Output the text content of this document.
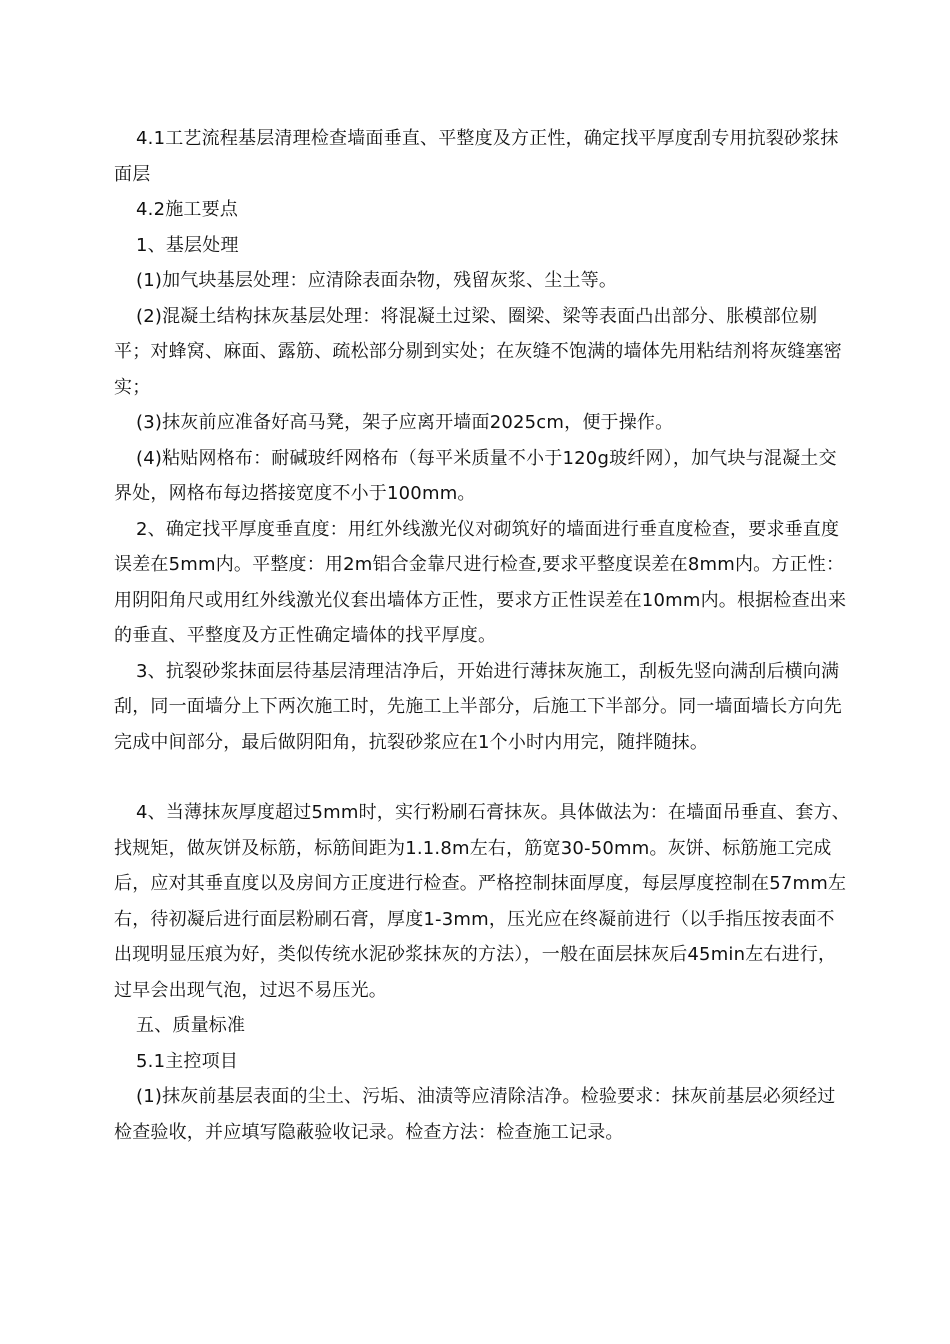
4.1工艺流程基层清理检查墙面垂直、平整度及方正性，确定找平厚度刮专用抗裂砂浆抹面层

4.2施工要点

1、基层处理

(1)加气块基层处理：应清除表面杂物，残留灰浆、尘土等。

(2)混凝土结构抹灰基层处理：将混凝土过梁、圈梁、梁等表面凸出部分、胀模部位剔平；对蜂窝、麻面、露筋、疏松部分剔到实处；在灰缝不饱满的墙体先用粘结剂将灰缝塞密实；

(3)抹灰前应准备好高马凳，架子应离开墙面2025cm，便于操作。

(4)粘贴网格布：耐碱玻纤网格布（每平米质量不小于120g玻纤网），加气块与混凝土交界处，网格布每边搭接宽度不小于100mm。

2、确定找平厚度垂直度：用红外线激光仪对砌筑好的墙面进行垂直度检查，要求垂直度误差在5mm内。平整度：用2m铝合金靠尺进行检查,要求平整度误差在8mm内。方正性：用阴阳角尺或用红外线激光仪套出墙体方正性，要求方正性误差在10mm内。根据检查出来的垂直、平整度及方正性确定墙体的找平厚度。

3、抗裂砂浆抹面层待基层清理洁净后，开始进行薄抹灰施工，刮板先竖向满刮后横向满刮，同一面墙分上下两次施工时，先施工上半部分，后施工下半部分。同一墙面墙长方向先完成中间部分，最后做阴阳角，抗裂砂浆应在1个小时内用完，随拌随抹。

4、当薄抹灰厚度超过5mm时，实行粉刷石膏抹灰。具体做法为：在墙面吊垂直、套方、找规矩，做灰饼及标筋，标筋间距为1.1.8m左右，筋宽30-50mm。灰饼、标筋施工完成后，应对其垂直度以及房间方正度进行检查。严格控制抹面厚度，每层厚度控制在57mm左右，待初凝后进行面层粉刷石膏，厚度1-3mm，压光应在终凝前进行（以手指压按表面不出现明显压痕为好，类似传统水泥砂浆抹灰的方法），一般在面层抹灰后45min左右进行，过早会出现气泡，过迟不易压光。

五、质量标准

5.1主控项目

(1)抹灰前基层表面的尘土、污垢、油渍等应清除洁净。检验要求：抹灰前基层必须经过检查验收，并应填写隐蔽验收记录。检查方法：检查施工记录。
